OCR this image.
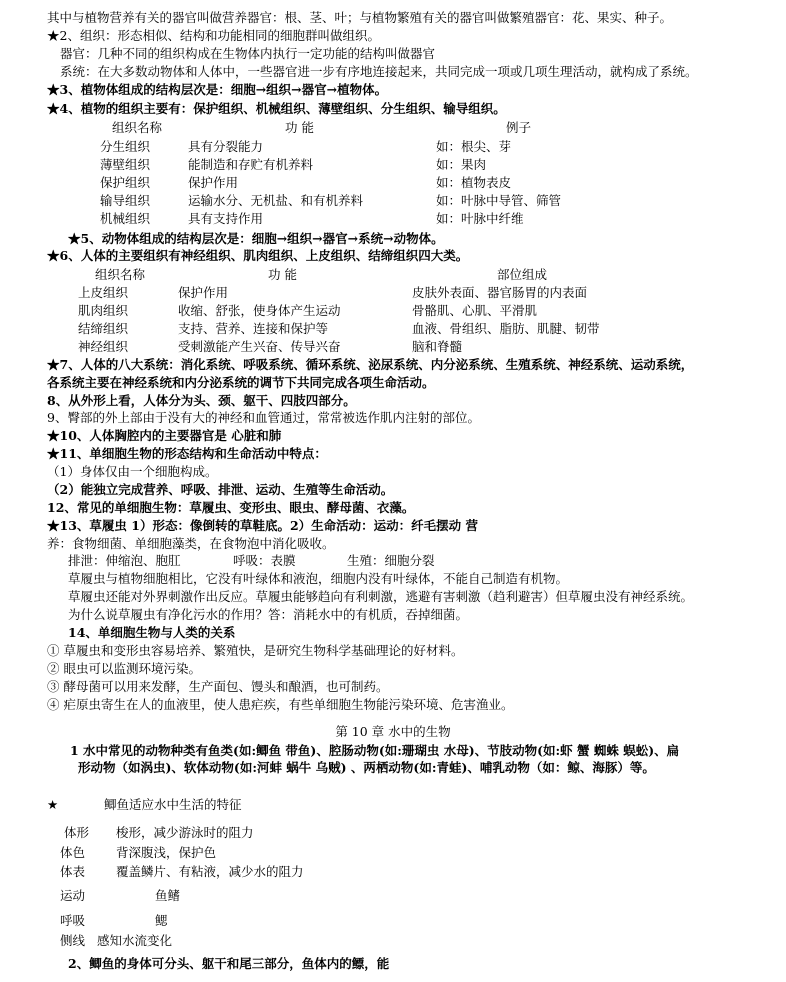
其中与植物营养有关的器官叫做营养器官：根、茎、叶；与植物繁殖有关的器官叫做繁殖器官：花、果实、种子。
★2、组织：形态相似、结构和功能相同的细胞群叫做组织。
器官：几种不同的组织构成在生物体内执行一定功能的结构叫做器官
系统：在大多数动物体和人体中，一些器官进一步有序地连接起来，共同完成一项或几项生理活动，就构成了系统。
★3、植物体组成的结构层次是：细胞→组织→器官→植物体。
★4、植物的组织主要有：保护组织、机械组织、薄壁组织、分生组织、输导组织。
组织名称	功 能	例子
分生组织	具有分裂能力	如：根尖、芽
薄壁组织	能制造和存贮有机养料	如：果肉
保护组织	保护作用	如：植物表皮
输导组织	运输水分、无机盐、和有机养料	如：叶脉中导管、筛管
机械组织	具有支持作用	如：叶脉中纤维
★5、动物体组成的结构层次是：细胞→组织→器官→系统→动物体。
★6、人体的主要组织有神经组织、肌肉组织、上皮组织、结缔组织四大类。
组织名称	功 能	部位组成
上皮组织	保护作用	皮肤外表面、器官肠胃的内表面
肌肉组织	收缩、舒张，使身体产生运动	骨骼肌、心肌、平滑肌
结缔组织	支持、营养、连接和保护等	血液、骨组织、脂肪、肌腱、韧带
神经组织	受刺激能产生兴奋、传导兴奋	脑和脊髓
★7、人体的八大系统：消化系统、呼吸系统、循环系统、泌尿系统、内分泌系统、生殖系统、神经系统、运动系统，
各系统主要在神经系统和内分泌系统的调节下共同完成各项生命活动。
8、从外形上看，人体分为头、颈、躯干、四肢四部分。
9、臀部的外上部由于没有大的神经和血管通过，常常被选作肌内注射的部位。
★10、人体胸腔内的主要器官是 心脏和肺
★11、单细胞生物的形态结构和生命活动中特点：
（1）身体仅由一个细胞构成。
（2）能独立完成营养、呼吸、排泄、运动、生殖等生命活动。
12、常见的单细胞生物：草履虫、变形虫、眼虫、酵母菌、衣藻。
★13、草履虫 1）形态：像倒转的草鞋底。2）生命活动：运动：纤毛摆动 营
养：食物细菌、单细胞藻类，在食物泡中消化吸收。
排泄：伸缩泡、胞肛	呼吸：表膜	生殖：细胞分裂
草履虫与植物细胞相比，它没有叶绿体和液泡，细胞内没有叶绿体，不能自己制造有机物。
草履虫还能对外界刺激作出反应。草履虫能够趋向有利刺激，逃避有害刺激（趋利避害）但草履虫没有神经系统。
为什么说草履虫有净化污水的作用？答：消耗水中的有机质，吞掉细菌。
14、单细胞生物与人类的关系
① 草履虫和变形虫容易培养、繁殖快，是研究生物科学基础理论的好材料。
② 眼虫可以监测环境污染。
③ 酵母菌可以用来发酵，生产面包、馒头和酿酒，也可制药。
④ 疟原虫寄生在人的血液里，使人患疟疾，有些单细胞生物能污染环境、危害渔业。
第 10 章 水中的生物
1 水中常见的动物种类有鱼类(如:鲫鱼 带鱼)、腔肠动物(如:珊瑚虫 水母)、节肢动物(如:虾 蟹 蜘蛛 蜈蚣)、扁
形动物（如涡虫)、软体动物(如:河蚌 蜗牛 乌贼) 、两栖动物(如:青蛙)、哺乳动物（如：鲸、海豚）等。
★	鲫鱼适应水中生活的特征
体形 梭形，减少游泳时的阻力
体色 背深腹浅，保护色
体表 覆盖鳞片、有粘液，减少水的阻力
运动	鱼鳍
呼吸	鳃
侧线 感知水流变化
2、鲫鱼的身体可分头、躯干和尾三部分，鱼体内的鳔，能
